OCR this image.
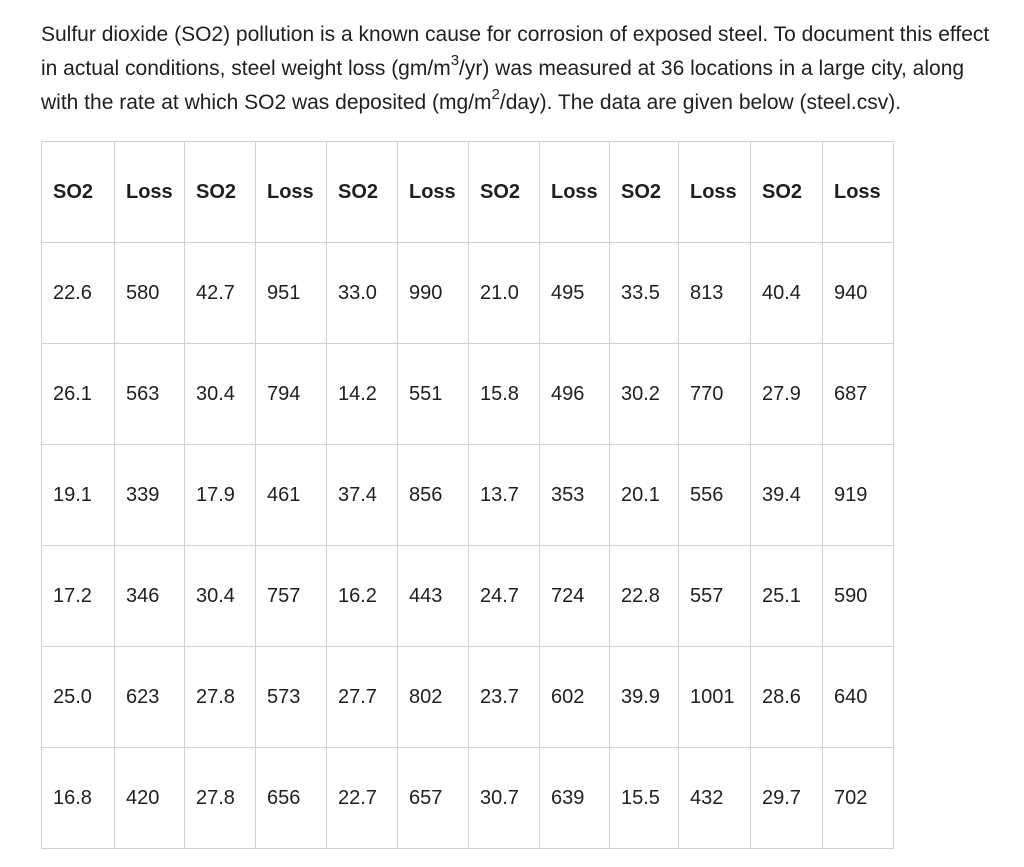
Sulfur dioxide (SO2) pollution is a known cause for corrosion of exposed steel. To document this effect

in actual conditions, steel weight loss $(gm/m^3/yr)$ was measured at 36 locations in a large city, along

with the rate at which SO2 was deposited $(mg/m^2/day)$. The data are given below (steel.csv).

SO2	Loss	SO2	Loss	SO2	Loss	SO2	Loss	SO2	Loss	SO2	Loss
22.6	580	42.7	951	33.0	990	21.0	495	33.5	813	40.4	940
26.1	563	30.4	794	14.2	551	15.8	496	30.2	770	27.9	687
19.1	339	17.9	461	37.4	856	13.7	353	20.1	556	39.4	919
17.2	346	30.4	757	16.2	443	24.7	724	22.8	557	25.1	590
25.0	623	27.8	573	27.7	802	23.7	602	39.9	1001	28.6	640
16.8	420	27.8	656	22.7	657	30.7	639	15.5	432	29.7	702
